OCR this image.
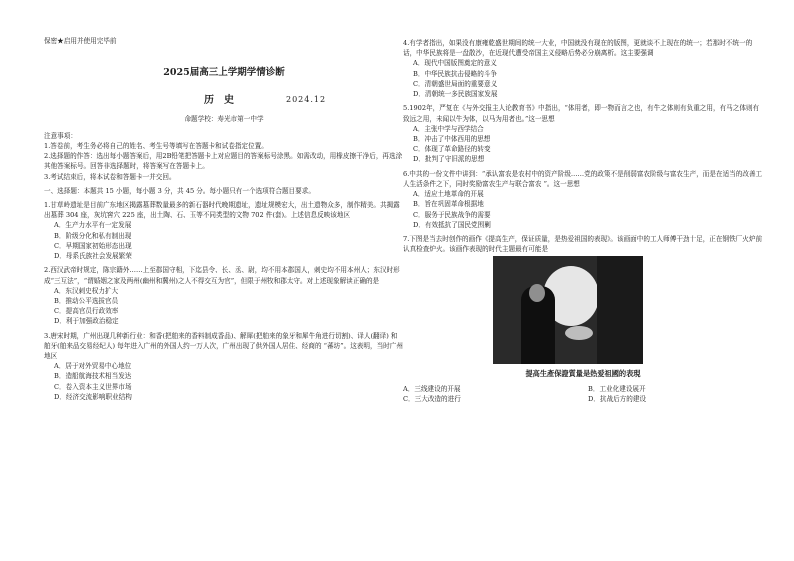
保密★启用并使用完毕前
2025届高三上学期学情诊断
历史	2024.12
命题学校：寿光市第一中学
注意事项：
1.答卷前，考生务必将自己的姓名、考生号等填写在答题卡和试卷指定位置。
2.选择题的作答：选出每小题答案后，用2B铅笔把答题卡上对应题目的答案标号涂黑。如需改动，用橡皮擦干净后，再选涂其他答案标号。回答非选择题时，将答案写在答题卡上。
3.考试结束后，将本试卷和答题卡一并交回。
一、选择题：本题共 15 小题，每小题 3 分，共 45 分。每小题只有一个选项符合题目要求。
1.甘草岭遗址是目前广东地区揭露墓葬数量最多的新石器时代晚期遗址，遗址规模宏大，出土遗物众多，制作精美。共揭露出墓葬 304 座，灰坑窖穴 225 座，出土陶、石、玉等不同类型的文物 702 件(套)。上述信息反映该地区
A．生产力水平有一定发展
B．阶级分化和私有制出现
C．早期国家初始形态出现
D．母系氏族社会发展繁荣
2.西汉武帝时规定，陈宗籍外……上至郡国守相，下迄县令、长、丞、尉，均不用本郡国人，刺史均不用本州人；东汉时形成“三互法”，“谓婚姻之家及两州(幽州和冀州)之人不得交互为官”，但限于州牧和郡太守。对上述现象解读正确的是
A．东汉刺史权力扩大
B．推动公平选拔官员
C．提高官员行政效率
D．利于加强政治稳定
3.唐宋时期，广州出现几种新行业：和香(把舶来的香料制成香品)、解犀(把舶来的象牙和犀牛角进行切割)、译人(翻译) 和舶牙(舶来品交易经纪人) 每年进入广州的外国人约一万人次，广州出现了供外国人居住、经商的 “蕃坊”。这表明，当时广州地区
A．居于对外贸易中心地位
B．造船航海技术相当发达
C．卷入资本主义世界市场
D．经济交流影响职业结构
4.有学者指出，如果没有康雍乾盛世期间的统一大业，中国就没有现在的版图，更就谈不上现在的统一；若那时不统一的话，中华民族将是一盘散沙，在近现代遭受帝国主义侵略后势必分崩离析。这主要强调
A．现代中国版图奠定的意义
B．中华民族抗击侵略的斗争
C．清朝盛世局面的重要意义
D．清朝统一多民族国家发展
5.1902年，严复在《与外交报主人论教育书》中指出，“体用者，即一物而言之也，有牛之体则有负重之用，有马之体则有致远之用，未闻以牛为体，以马为用者也。”这一思想
A．主张中学与西学结合
B．冲击了中体西用的思想
C．体现了革命路径的转变
D．批判了守旧派的思想
6.中共的一份文件中讲到：“承认富农是农村中的资产阶级……党的政策不是削弱富农阶级与富农生产，而是在适当的改善工人生活条件之下，同时奖励富农生产与联合富农 ”。这一思想
A．适应土地革命的开展
B．旨在巩固革命根据地
C．服务于民族战争的需要
D．有效抵抗了国民党围剿
7.下图是当去时创作的画作《提高生产，保证质量，是热爱祖国的表现》。该画面中的工人师傅干劲十足，正在钢铁厂火炉前认真检查炉火。该画作表现的时代主题最有可能是
提高生產保證質量是热爱祖國的表現
A．三线建设的开展	B．工业化建设展开
C．三大改造的进行	D．抗战后方的建设
